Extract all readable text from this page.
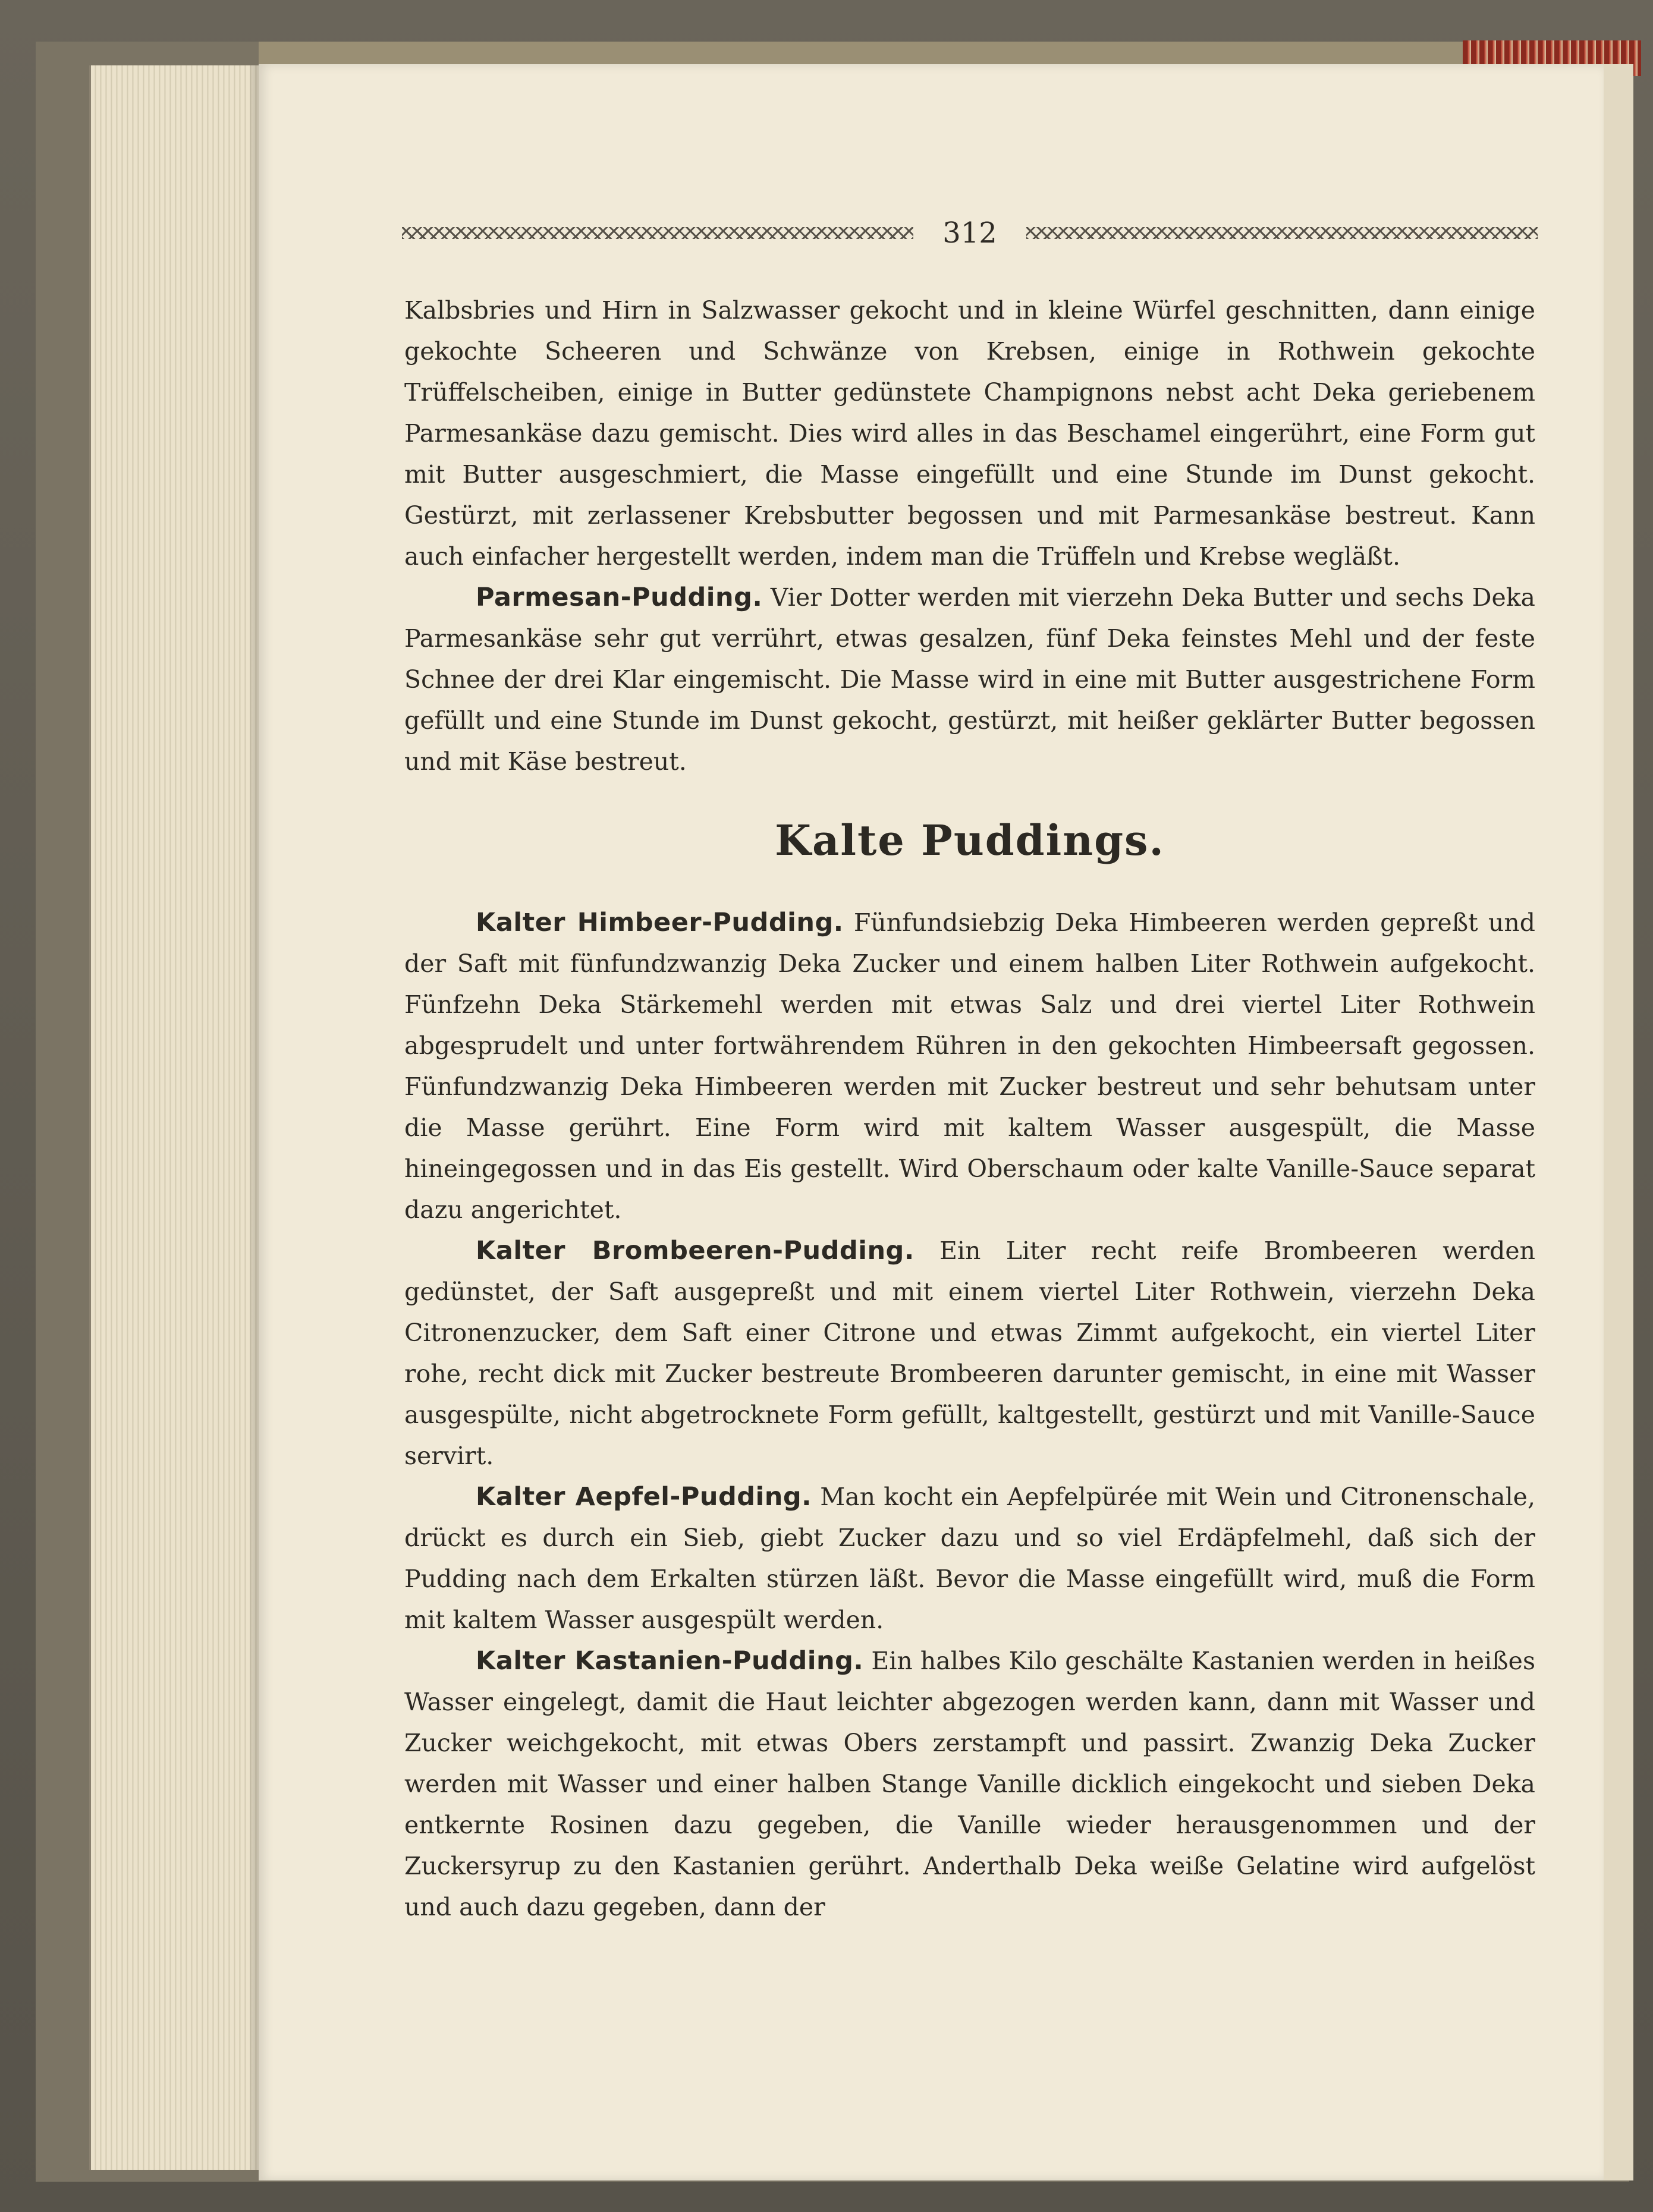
312

Kalbsbries und Hirn in Salzwasser gekocht und in kleine Würfel geschnitten, dann einige gekochte Scheeren und Schwänze von Krebsen, einige in Rothwein gekochte Trüffelscheiben, einige in Butter gedünstete Champignons nebst acht Deka geriebenem Parmesankäse dazu gemischt. Dies wird alles in das Beschamel eingerührt, eine Form gut mit Butter ausgeschmiert, die Masse eingefüllt und eine Stunde im Dunst gekocht. Gestürzt, mit zerlassener Krebsbutter begossen und mit Parmesankäse bestreut. Kann auch einfacher hergestellt werden, indem man die Trüffeln und Krebse wegläßt.

Parmesan-Pudding. Vier Dotter werden mit vierzehn Deka Butter und sechs Deka Parmesankäse sehr gut verrührt, etwas gesalzen, fünf Deka feinstes Mehl und der feste Schnee der drei Klar eingemischt. Die Masse wird in eine mit Butter ausgestrichene Form gefüllt und eine Stunde im Dunst gekocht, gestürzt, mit heißer geklärter Butter begossen und mit Käse bestreut.

Kalte Puddings.

Kalter Himbeer-Pudding. Fünfundsiebzig Deka Himbeeren werden gepreßt und der Saft mit fünfundzwanzig Deka Zucker und einem halben Liter Rothwein aufgekocht. Fünfzehn Deka Stärkemehl werden mit etwas Salz und drei viertel Liter Rothwein abgesprudelt und unter fortwährendem Rühren in den gekochten Himbeersaft gegossen. Fünfundzwanzig Deka Himbeeren werden mit Zucker bestreut und sehr behutsam unter die Masse gerührt. Eine Form wird mit kaltem Wasser ausgespült, die Masse hineingegossen und in das Eis gestellt. Wird Oberschaum oder kalte Vanille-Sauce separat dazu angerichtet.

Kalter Brombeeren-Pudding. Ein Liter recht reife Brombeeren werden gedünstet, der Saft ausgepreßt und mit einem viertel Liter Rothwein, vierzehn Deka Citronenzucker, dem Saft einer Citrone und etwas Zimmt aufgekocht, ein viertel Liter rohe, recht dick mit Zucker bestreute Brombeeren darunter gemischt, in eine mit Wasser ausgespülte, nicht abgetrocknete Form gefüllt, kaltgestellt, gestürzt und mit Vanille-Sauce servirt.

Kalter Aepfel-Pudding. Man kocht ein Aepfelpürée mit Wein und Citronenschale, drückt es durch ein Sieb, giebt Zucker dazu und so viel Erdäpfelmehl, daß sich der Pudding nach dem Erkalten stürzen läßt. Bevor die Masse eingefüllt wird, muß die Form mit kaltem Wasser ausgespült werden.

Kalter Kastanien-Pudding. Ein halbes Kilo geschälte Kastanien werden in heißes Wasser eingelegt, damit die Haut leichter abgezogen werden kann, dann mit Wasser und Zucker weichgekocht, mit etwas Obers zerstampft und passirt. Zwanzig Deka Zucker werden mit Wasser und einer halben Stange Vanille dicklich eingekocht und sieben Deka entkernte Rosinen dazu gegeben, die Vanille wieder herausgenommen und der Zuckersyrup zu den Kastanien gerührt. Anderthalb Deka weiße Gelatine wird aufgelöst und auch dazu gegeben, dann der
